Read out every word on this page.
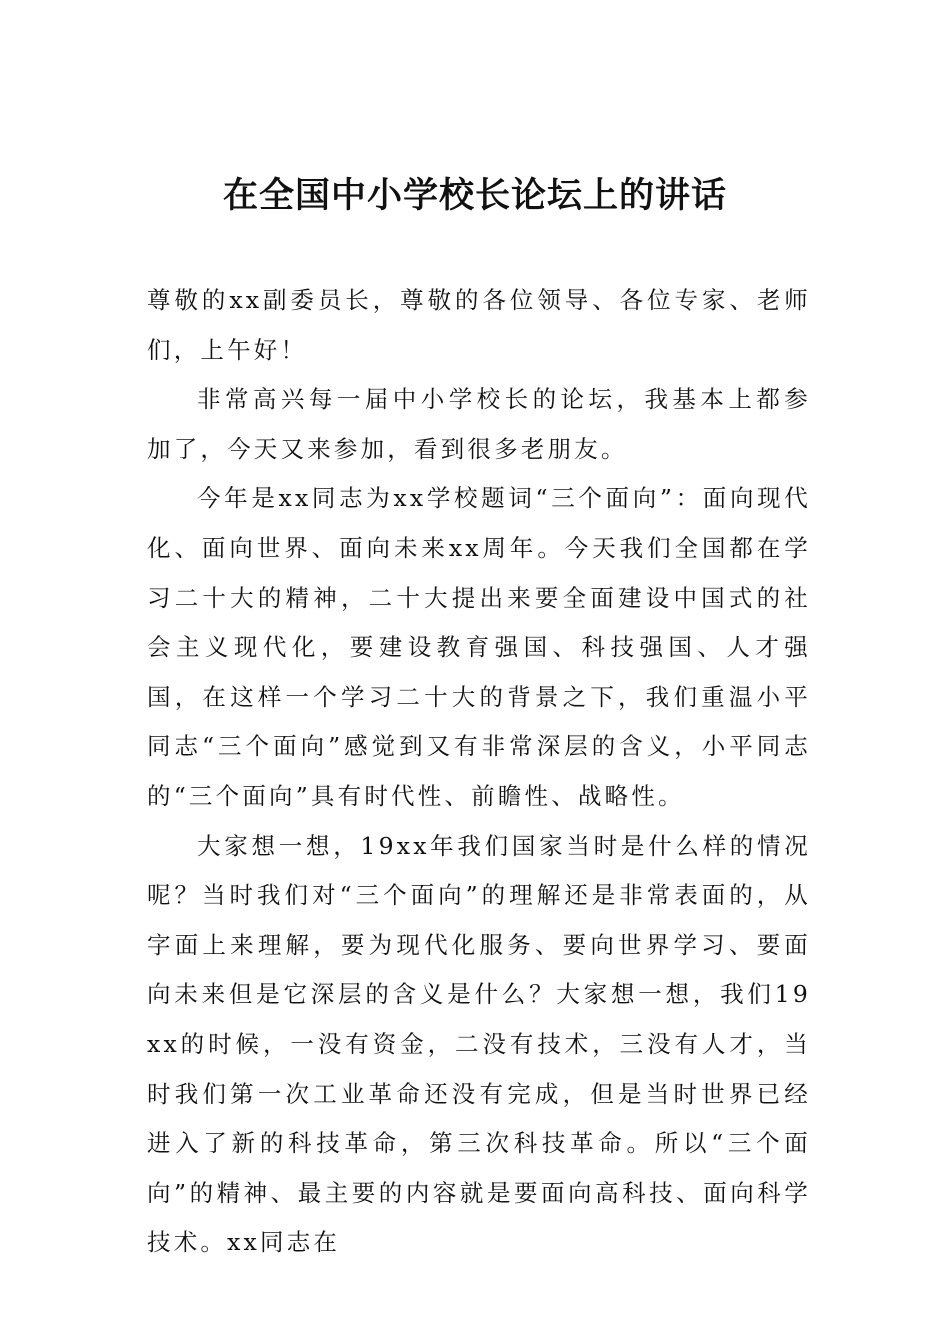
在全国中小学校长论坛上的讲话

尊敬的xx副委员长，尊敬的各位领导、各位专家、老师们，上午好！

非常高兴每一届中小学校长的论坛，我基本上都参加了，今天又来参加，看到很多老朋友。

今年是xx同志为xx学校题词“三个面向”：面向现代化、面向世界、面向未来xx周年。今天我们全国都在学习二十大的精神，二十大提出来要全面建设中国式的社会主义现代化，要建设教育强国、科技强国、人才强国，在这样一个学习二十大的背景之下，我们重温小平同志“三个面向”感觉到又有非常深层的含义，小平同志的“三个面向”具有时代性、前瞻性、战略性。

大家想一想，19xx年我们国家当时是什么样的情况呢？当时我们对“三个面向”的理解还是非常表面的，从字面上来理解，要为现代化服务、要向世界学习、要面向未来但是它深层的含义是什么？大家想一想，我们19xx的时候，一没有资金，二没有技术，三没有人才，当时我们第一次工业革命还没有完成，但是当时世界已经进入了新的科技革命，第三次科技革命。所以“三个面向”的精神、最主要的内容就是要面向高科技、面向科学技术。xx同志在
